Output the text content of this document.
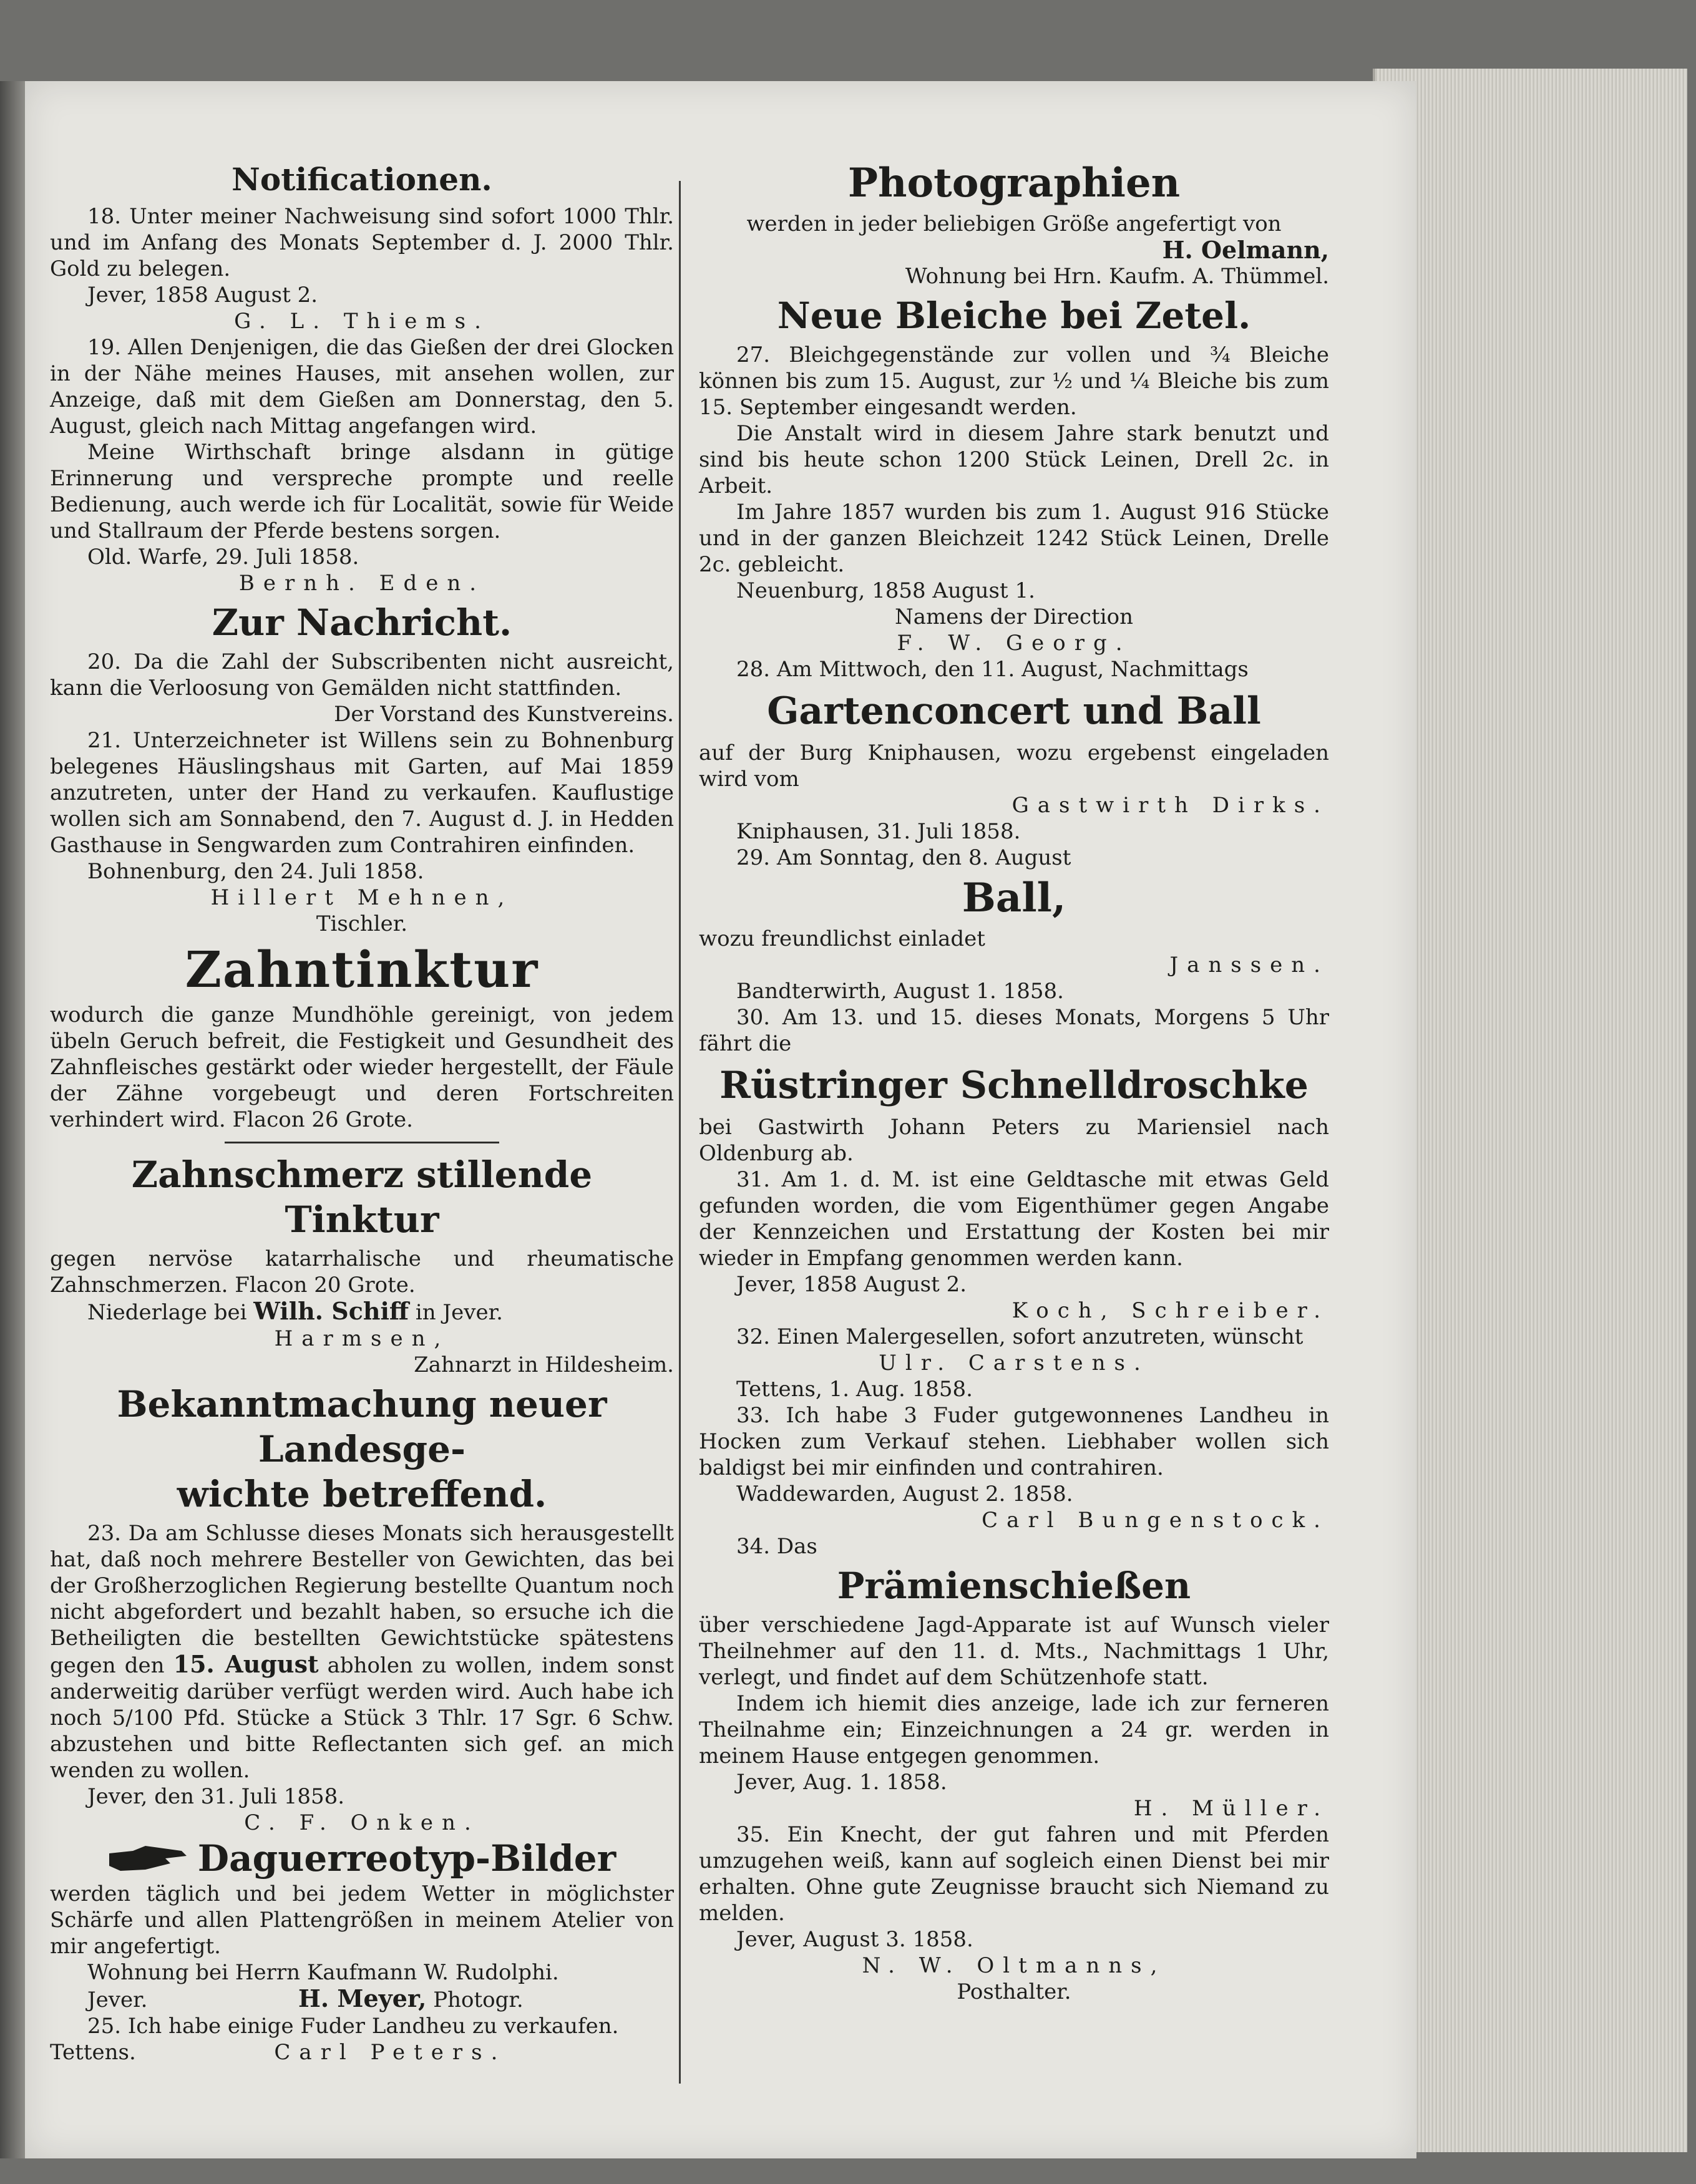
Notificationen.

18. Unter meiner Nachweisung sind sofort 1000 Thlr. und im Anfang des Monats September d. J. 2000 Thlr. Gold zu belegen.

Jever, 1858 August 2.

G. L. Thiems.

19. Allen Denjenigen, die das Gießen der drei Glocken in der Nähe meines Hauses, mit ansehen wollen, zur Anzeige, daß mit dem Gießen am Donnerstag, den 5. August, gleich nach Mittag angefangen wird.

Meine Wirthschaft bringe alsdann in gütige Erinnerung und verspreche prompte und reelle Bedienung, auch werde ich für Localität, sowie für Weide und Stallraum der Pferde bestens sorgen.

Old. Warfe, 29. Juli 1858.

Bernh. Eden.

Zur Nachricht.

20. Da die Zahl der Subscribenten nicht ausreicht, kann die Verloosung von Gemälden nicht stattfinden.

Der Vorstand des Kunstvereins.

21. Unterzeichneter ist Willens sein zu Bohnenburg belegenes Häuslingshaus mit Garten, auf Mai 1859 anzutreten, unter der Hand zu verkaufen. Kauflustige wollen sich am Sonnabend, den 7. August d. J. in Hedden Gasthause in Sengwarden zum Contrahiren einfinden.

Bohnenburg, den 24. Juli 1858.

Hillert Mehnen,

Tischler.

Zahntinktur

wodurch die ganze Mundhöhle gereinigt, von jedem übeln Geruch befreit, die Festigkeit und Gesundheit des Zahnfleisches gestärkt oder wieder hergestellt, der Fäule der Zähne vorgebeugt und deren Fortschreiten verhindert wird. Flacon 26 Grote.

Zahnschmerz stillende Tinktur

gegen nervöse katarrhalische und rheumatische Zahnschmerzen. Flacon 20 Grote.

Niederlage bei Wilh. Schiff in Jever.

Harmsen,

Zahnarzt in Hildesheim.

Bekanntmachung neuer Landesge-

wichte betreffend.

23. Da am Schlusse dieses Monats sich herausgestellt hat, daß noch mehrere Besteller von Gewichten, das bei der Großherzoglichen Regierung bestellte Quantum noch nicht abgefordert und bezahlt haben, so ersuche ich die Betheiligten die bestellten Gewichtstücke spätestens gegen den 15. August abholen zu wollen, indem sonst anderweitig darüber verfügt werden wird. Auch habe ich noch 5/100 Pfd. Stücke a Stück 3 Thlr. 17 Sgr. 6 Schw. abzustehen und bitte Reflectanten sich gef. an mich wenden zu wollen.

Jever, den 31. Juli 1858.

C. F. Onken.

Daguerreotyp-Bilder

werden täglich und bei jedem Wetter in möglichster Schärfe und allen Plattengrößen in meinem Atelier von mir angefertigt.

Wohnung bei Herrn Kaufmann W. Rudolphi.

Jever.	H. Meyer, Photogr.

25. Ich habe einige Fuder Landheu zu verkaufen.

Tettens.	Carl Peters.

Photographien

werden in jeder beliebigen Größe angefertigt von

H. Oelmann,

Wohnung bei Hrn. Kaufm. A. Thümmel.

Neue Bleiche bei Zetel.

27. Bleichgegenstände zur vollen und ¾ Bleiche können bis zum 15. August, zur ½ und ¼ Bleiche bis zum 15. September eingesandt werden.

Die Anstalt wird in diesem Jahre stark benutzt und sind bis heute schon 1200 Stück Leinen, Drell 2c. in Arbeit.

Im Jahre 1857 wurden bis zum 1. August 916 Stücke und in der ganzen Bleichzeit 1242 Stück Leinen, Drelle 2c. gebleicht.

Neuenburg, 1858 August 1.

Namens der Direction

F. W. Georg.

28. Am Mittwoch, den 11. August, Nachmittags

Gartenconcert und Ball

auf der Burg Kniphausen, wozu ergebenst eingeladen wird vom

Gastwirth Dirks.

Kniphausen, 31. Juli 1858.

29. Am Sonntag, den 8. August

Ball,

wozu freundlichst einladet

Janssen.

Bandterwirth, August 1. 1858.

30. Am 13. und 15. dieses Monats, Morgens 5 Uhr fährt die

Rüstringer Schnelldroschke

bei Gastwirth Johann Peters zu Mariensiel nach Oldenburg ab.

31. Am 1. d. M. ist eine Geldtasche mit etwas Geld gefunden worden, die vom Eigenthümer gegen Angabe der Kennzeichen und Erstattung der Kosten bei mir wieder in Empfang genommen werden kann.

Jever, 1858 August 2.

Koch, Schreiber.

32. Einen Malergesellen, sofort anzutreten, wünscht

Ulr. Carstens.

Tettens, 1. Aug. 1858.

33. Ich habe 3 Fuder gutgewonnenes Landheu in Hocken zum Verkauf stehen. Liebhaber wollen sich baldigst bei mir einfinden und contrahiren.

Waddewarden, August 2. 1858.

Carl Bungenstock.

34. Das

Prämienschießen

über verschiedene Jagd-Apparate ist auf Wunsch vieler Theilnehmer auf den 11. d. Mts., Nachmittags 1 Uhr, verlegt, und findet auf dem Schützenhofe statt.

Indem ich hiemit dies anzeige, lade ich zur ferneren Theilnahme ein; Einzeichnungen a 24 gr. werden in meinem Hause entgegen genommen.

Jever, Aug. 1. 1858.

H. Müller.

35. Ein Knecht, der gut fahren und mit Pferden umzugehen weiß, kann auf sogleich einen Dienst bei mir erhalten. Ohne gute Zeugnisse braucht sich Niemand zu melden.

Jever, August 3. 1858.

N. W. Oltmanns,

Posthalter.
